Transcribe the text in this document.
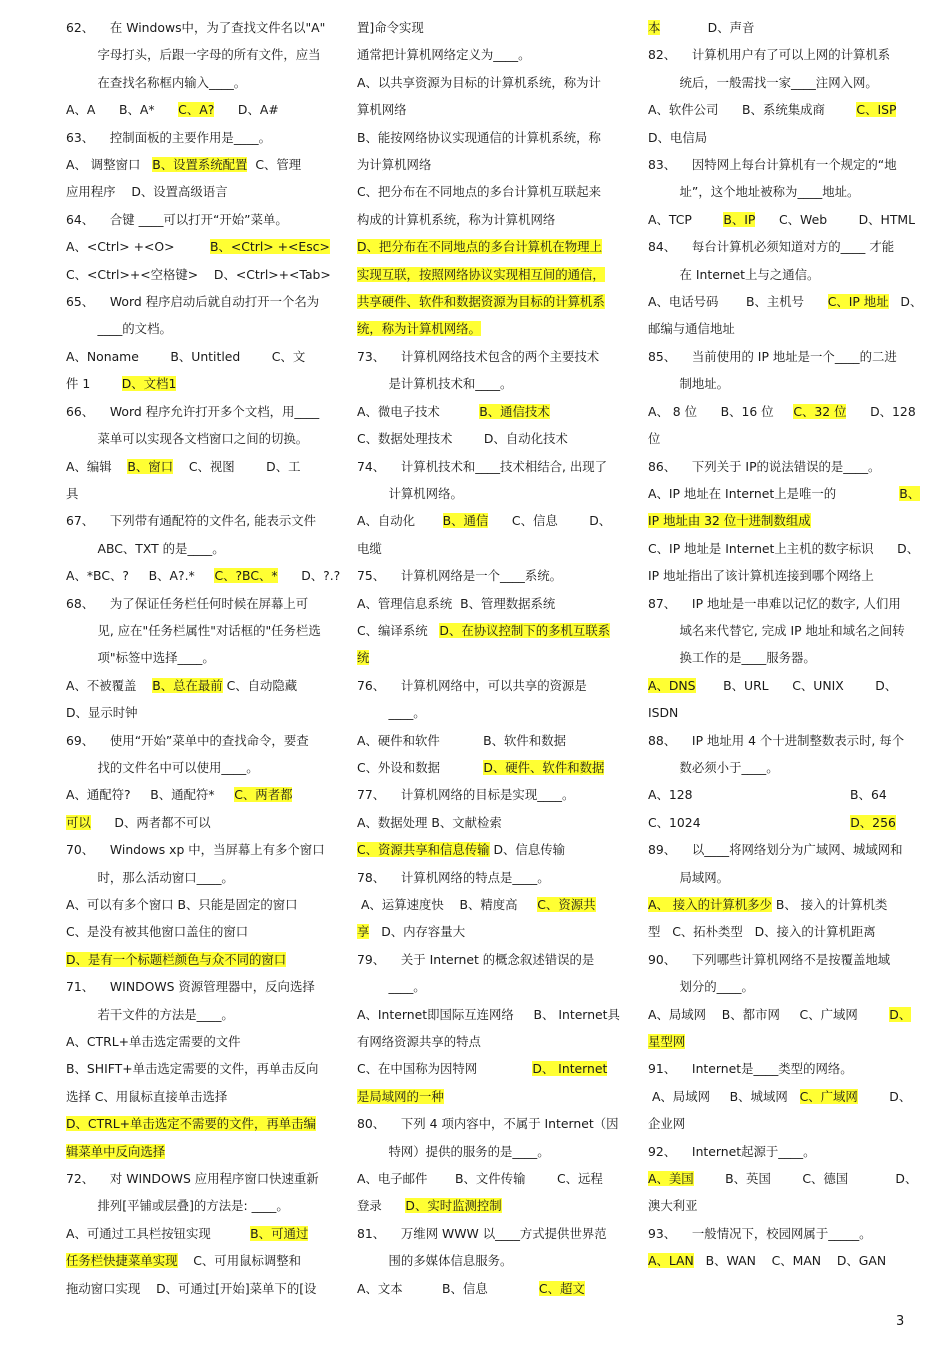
62、    在 Windows中，为了查找文件名以"A"

字母打头，后跟一字母的所有文件，应当

在查找名称框内输入____。

A、A      B、A*      C、A?      D、A#

63、    控制面板的主要作用是____。

A、 调整窗口   B、设置系统配置  C、管理

应用程序    D、设置高级语言

64、    合键 ____可以打开“开始”菜单。

A、<Ctrl> +<O>         B、<Ctrl> +<Esc>

C、<Ctrl>+<空格键>    D、<Ctrl>+<Tab>

65、    Word 程序启动后就自动打开一个名为

____的文档。

A、Noname        B、Untitled        C、文

件 1        D、文档1

66、    Word 程序允许打开多个文档，用____

菜单可以实现各文档窗口之间的切换。

A、编辑    B、窗口    C、视图        D、工

具

67、    下列带有通配符的文件名, 能表示文件

ABC、TXT 的是____。

A、*BC、?     B、A?.*     C、?BC、*      D、?.?

68、    为了保证任务栏任何时候在屏幕上可

见, 应在"任务栏属性"对话框的"任务栏选

项"标签中选择____。

A、不被覆盖    B、总在最前 C、自动隐藏

D、显示时钟

69、    使用“开始”菜单中的查找命令，要查

找的文件名中可以使用____。

A、通配符?     B、通配符*     C、两者都

可以      D、两者都不可以

70、    Windows xp 中，当屏幕上有多个窗口

时，那么活动窗口____。

A、可以有多个窗口 B、只能是固定的窗口

C、是没有被其他窗口盖住的窗口

D、是有一个标题栏颜色与众不同的窗口

71、    WINDOWS 资源管理器中，反向选择

若干文件的方法是____。

A、CTRL+单击选定需要的文件

B、SHIFT+单击选定需要的文件，再单击反向

选择 C、用鼠标直接单击选择

D、CTRL+单击选定不需要的文件，再单击编

辑菜单中反向选择

72、    对 WINDOWS 应用程序窗口快速重新

排列[平铺或层叠]的方法是: ____。

A、可通过工具栏按钮实现          B、可通过

任务栏快捷菜单实现    C、可用鼠标调整和

拖动窗口实现    D、可通过[开始]菜单下的[设

置]命令实现

通常把计算机网络定义为____。

A、以共享资源为目标的计算机系统，称为计

算机网络

B、能按网络协议实现通信的计算机系统，称

为计算机网络

C、把分布在不同地点的多台计算机互联起来

构成的计算机系统，称为计算机网络

D、把分布在不同地点的多台计算机在物理上

实现互联，按照网络协议实现相互间的通信，

共享硬件、软件和数据资源为目标的计算机系

统，称为计算机网络。

73、    计算机网络技术包含的两个主要技术

是计算机技术和____。

A、微电子技术          B、通信技术

C、数据处理技术        D、自动化技术

74、    计算机技术和____技术相结合, 出现了

计算机网络。

A、自动化       B、通信      C、信息        D、

电缆

75、    计算机网络是一个____系统。

A、管理信息系统  B、管理数据系统

C、编译系统   D、在协议控制下的多机互联系

统

76、    计算机网络中，可以共享的资源是

____。

A、硬件和软件           B、软件和数据

C、外设和数据           D、硬件、软件和数据

77、    计算机网络的目标是实现____。

A、数据处理 B、文献检索

C、资源共享和信息传输 D、信息传输

78、    计算机网络的特点是____。

A、运算速度快    B、精度高     C、资源共

享   D、内存容量大

79、    关于 Internet 的概念叙述错误的是

____。

A、Internet即国际互连网络     B、 Internet具

有网络资源共享的特点

C、在中国称为因特网              D、 Internet

是局域网的一种

80、    下列 4 项内容中，不属于 Internet（因

特网）提供的服务的是____。

A、电子邮件       B、文件传输        C、远程

登录      D、实时监测控制

81、    万维网 WWW 以____方式提供世界范

围的多媒体信息服务。

A、文本          B、信息             C、超文

本            D、声音

82、    计算机用户有了可以上网的计算机系

统后，一般需找一家____注网入网。

A、软件公司      B、系统集成商        C、ISP

D、电信局

83、    因特网上每台计算机有一个规定的“地

址”，这个地址被称为____地址。

A、TCP        B、IP      C、Web        D、HTML

84、    每台计算机必须知道对方的____ 才能

在 Internet上与之通信。

A、电话号码       B、主机号      C、IP 地址   D、

邮编与通信地址

85、    当前使用的 IP 地址是一个____的二进

制地址。

A、 8 位      B、16 位     C、32 位      D、128

位

86、    下列关于 IP的说法错误的是____。

A、IP 地址在 Internet上是唯一的                B、

IP 地址由 32 位十进制数组成

C、IP 地址是 Internet上主机的数字标识      D、

IP 地址指出了该计算机连接到哪个网络上

87、    IP 地址是一串难以记忆的数字, 人们用

域名来代替它, 完成 IP 地址和域名之间转

换工作的是____服务器。

A、DNS       B、URL      C、UNIX        D、

ISDN

88、    IP 地址用 4 个十进制整数表示时, 每个

数必须小于____。

A、128                                        B、64

C、1024                                      D、256

89、    以____将网络划分为广域网、城域网和

局域网。

A、 接入的计算机多少 B、 接入的计算机类

型   C、拓朴类型   D、接入的计算机距离

90、    下列哪些计算机网络不是按覆盖地域

划分的____。

A、局域网    B、都市网     C、广域网        D、

星型网

91、    Internet是____类型的网络。

A、局域网     B、城域网   C、广域网        D、

企业网

92、    Internet起源于____。

A、美国        B、英国        C、德国            D、

澳大利亚

93、    一般情况下，校园网属于_____。

A、LAN   B、WAN    C、MAN    D、GAN

3
